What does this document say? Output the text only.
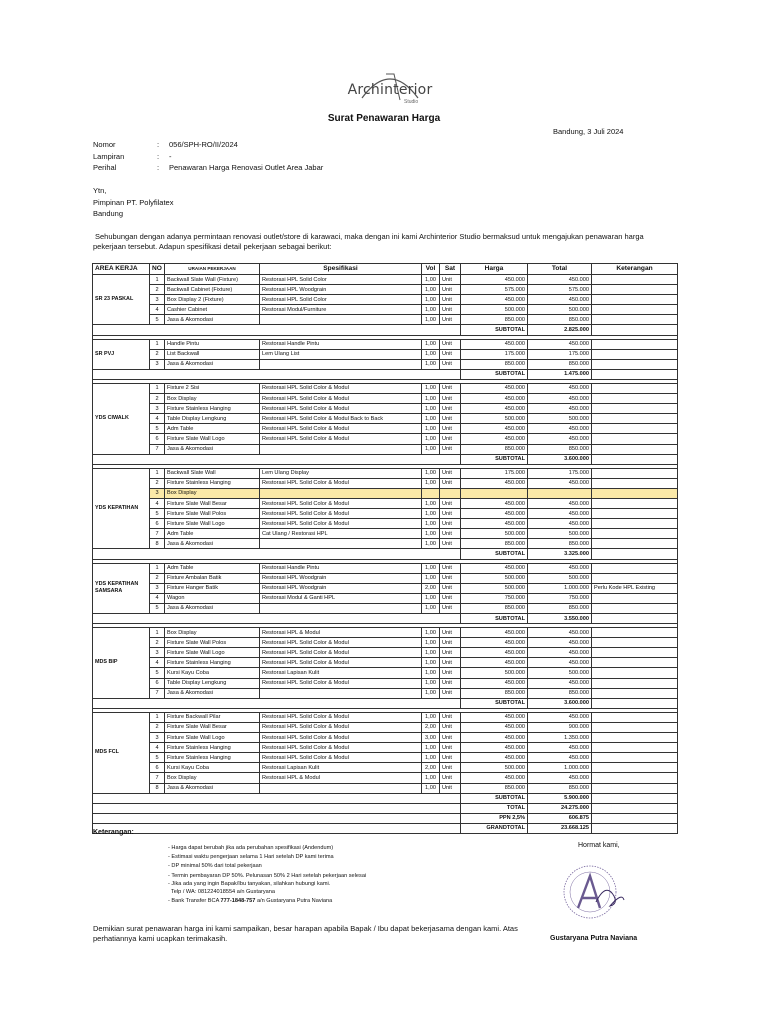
Archinterior
Studio
Surat Penawaran Harga
Bandung, 3 Juli 2024
Nomor	:	056/SPH-RO/II/2024
Lampiran	:	-
Perihal	:	Penawaran Harga Renovasi Outlet Area Jabar
Ytn,
Pimpinan PT. Polyfilatex
Bandung
Sehubungan dengan adanya permintaan renovasi outlet/store di karawaci, maka dengan ini kami Archinterior Studio bermaksud untuk mengajukan penawaran harga pekerjaan tersebut. Adapun spesifikasi detail pekerjaan sebagai berikut:
AREA KERJA	NO	URAIAN PEKERJAAN	Spesifikasi	Vol	Sat	Harga	Total	Keterangan
SR 23 PASKAL	1	Backwall Slate Wall (Fixture)	Restorasi HPL Solid Color	1,00	Unit	450.000	450.000	
	2	Backwall Cabinet (Fixture)	Restorasi HPL Woodgrain	1,00	Unit	575.000	575.000	
	3	Box Display 2 (Fixture)	Restorasi HPL Solid Color	1,00	Unit	450.000	450.000	
	4	Cashier Cabinet	Restorasi Modul/Furniture	1,00	Unit	500.000	500.000	
	5	Jasa & Akomodasi		1,00	Unit	850.000	850.000	
						SUBTOTAL	2.825.000	

SR PVJ	1	Handle Pintu	Restorasi Handle Pintu	1,00	Unit	450.000	450.000	
	2	List Backwall	Lem Ulang List	1,00	Unit	175.000	175.000	
	3	Jasa & Akomodasi		1,00	Unit	850.000	850.000	
						SUBTOTAL	1.475.000	

YDS CIWALK	1	Fixture 2 Sisi	Restorasi HPL Solid Color & Modul	1,00	Unit	450.000	450.000	
	2	Box Display	Restorasi HPL Solid Color & Modul	1,00	Unit	450.000	450.000	
	3	Fixture Stainless Hanging	Restorasi HPL Solid Color & Modul	1,00	Unit	450.000	450.000	
	4	Table Display Lengkung	Restorasi HPL Solid Color & Modul Back to Back	1,00	Unit	500.000	500.000	
	5	Adm Table	Restorasi HPL Solid Color & Modul	1,00	Unit	450.000	450.000	
	6	Fixture Slate Wall Logo	Restorasi HPL Solid Color & Modul	1,00	Unit	450.000	450.000	
	7	Jasa & Akomodasi		1,00	Unit	850.000	850.000	
						SUBTOTAL	3.600.000	

YDS KEPATIHAN	1	Backwall Slate Wall	Lem Ulang Display	1,00	Unit	175.000	175.000	
	2	Fixture Stainless Hanging	Restorasi HPL Solid Color & Modul	1,00	Unit	450.000	450.000	
	3	Box Display						
	4	Fixture Slate Wall Besar	Restorasi HPL Solid Color & Modul	1,00	Unit	450.000	450.000	
	5	Fixture Slate Wall Polos	Restorasi HPL Solid Color & Modul	1,00	Unit	450.000	450.000	
	6	Fixture Slate Wall Logo	Restorasi HPL Solid Color & Modul	1,00	Unit	450.000	450.000	
	7	Adm Table	Cat Ulang / Restorasi HPL	1,00	Unit	500.000	500.000	
	8	Jasa & Akomodasi		1,00	Unit	850.000	850.000	
						SUBTOTAL	3.325.000	

YDS KEPATIHAN SAMSARA	1	Adm Table	Restorasi Handle Pintu	1,00	Unit	450.000	450.000	
	2	Fixture Ambalan Batik	Restorasi HPL Woodgrain	1,00	Unit	500.000	500.000	
	3	Fixture Hanger Batik	Restorasi HPL Woodgrain	2,00	Unit	500.000	1.000.000	Perlu Kode HPL Existing
	4	Wagon	Restorasi Modul & Ganti HPL	1,00	Unit	750.000	750.000	
	5	Jasa & Akomodasi		1,00	Unit	850.000	850.000	
						SUBTOTAL	3.550.000	

MDS BIP	1	Box Display	Restorasi HPL & Modul	1,00	Unit	450.000	450.000	
	2	Fixture Slate Wall Polos	Restorasi HPL Solid Color & Modul	1,00	Unit	450.000	450.000	
	3	Fixture Slate Wall Logo	Restorasi HPL Solid Color & Modul	1,00	Unit	450.000	450.000	
	4	Fixture Stainless Hanging	Restorasi HPL Solid Color & Modul	1,00	Unit	450.000	450.000	
	5	Kursi Kayu Coba	Restorasi Lapisan Kulit	1,00	Unit	500.000	500.000	
	6	Table Display Lengkung	Restorasi HPL Solid Color & Modul	1,00	Unit	450.000	450.000	
	7	Jasa & Akomodasi		1,00	Unit	850.000	850.000	
						SUBTOTAL	3.600.000	

MDS FCL	1	Fixture Backwall Pilar	Restorasi HPL Solid Color & Modul	1,00	Unit	450.000	450.000	
	2	Fixture Slate Wall Besar	Restorasi HPL Solid Color & Modul	2,00	Unit	450.000	900.000	
	3	Fixture Slate Wall Logo	Restorasi HPL Solid Color & Modul	3,00	Unit	450.000	1.350.000	
	4	Fixture Stainless Hanging	Restorasi HPL Solid Color & Modul	1,00	Unit	450.000	450.000	
	5	Fixture Stainless Hanging	Restorasi HPL Solid Color & Modul	1,00	Unit	450.000	450.000	
	6	Kursi Kayu Coba	Restorasi Lapisan Kulit	2,00	Unit	500.000	1.000.000	
	7	Box Display	Restorasi HPL & Modul	1,00	Unit	450.000	450.000	
	8	Jasa & Akomodasi		1,00	Unit	850.000	850.000	
						SUBTOTAL	5.900.000	
						TOTAL	24.275.000	
						PPN 2,5%	606.875	
						GRANDTOTAL	23.668.125	
Keterangan:
- Harga dapat berubah jika ada perubahan spesifikasi (Andendum)
- Estimasi waktu pengerjaan selama 1 Hari setelah DP kami terima
- DP minimal 50% dari total pekerjaan
- Termin pembayaran DP 50%. Pelunasan 50% 2 Hari setelah pekerjaan selesai
- Jika ada yang ingin Bapak/Ibu tanyakan, silahkan hubungi kami.
Telp / WA: 081224018554 a/n Gustaryana
- Bank Transfer BCA 777-1848-757 a/n Gustaryana Putra Naviana
Hormat kami,
Demikian surat penawaran harga ini kami sampaikan, besar harapan apabila Bapak / Ibu dapat bekerjasama dengan kami. Atas perhatiannya kami ucapkan terimakasih.	Gustaryana Putra Naviana
